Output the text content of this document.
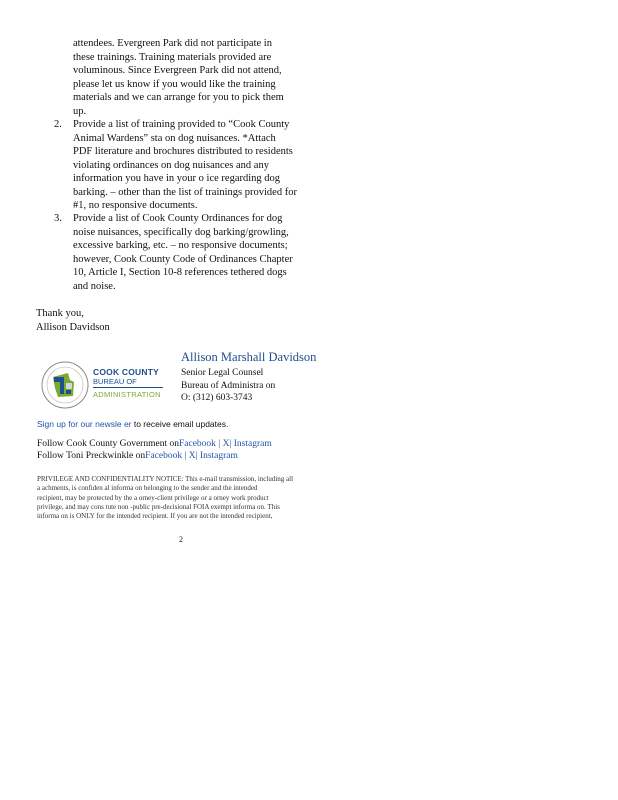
attendees. Evergreen Park did not participate in
these trainings. Training materials provided are
voluminous. Since Evergreen Park did not attend,
please let us know if you would like the training
materials and we can arrange for you to pick them
up.
2. Provide a list of training provided to “Cook County
Animal Wardens” sta on dog nuisances. *Attach
PDF literature and brochures distributed to residents
violating ordinances on dog nuisances and any
information you have in your o ice regarding dog
barking. – other than the list of trainings provided for
#1, no responsive documents.
3. Provide a list of Cook County Ordinances for dog
noise nuisances, specifically dog barking/growling,
excessive barking, etc. – no responsive documents;
however, Cook County Code of Ordinances Chapter
10, Article I, Section 10-8 references tethered dogs
and noise.
Thank you,
Allison Davidson
COOK COUNTY
BUREAU OF
ADMINISTRATION
Allison Marshall Davidson
Senior Legal Counsel
Bureau of Administra on
O: (312) 603-3743
Sign up for our newsle er to receive email updates.
Follow Cook County Government onFacebook | X| Instagram
Follow Toni Preckwinkle onFacebook | X| Instagram
PRIVILEGE AND CONFIDENTIALITY NOTICE: This e-mail transmission, including all
a achments, is confiden al informa on belonging to the sender and the intended
recipient, may be protected by the a orney-client privilege or a orney work product
privilege, and may cons tute non -public pre-decisional FOIA exempt informa on. This
informa on is ONLY for the intended recipient. If you are not the intended recipient,
2
